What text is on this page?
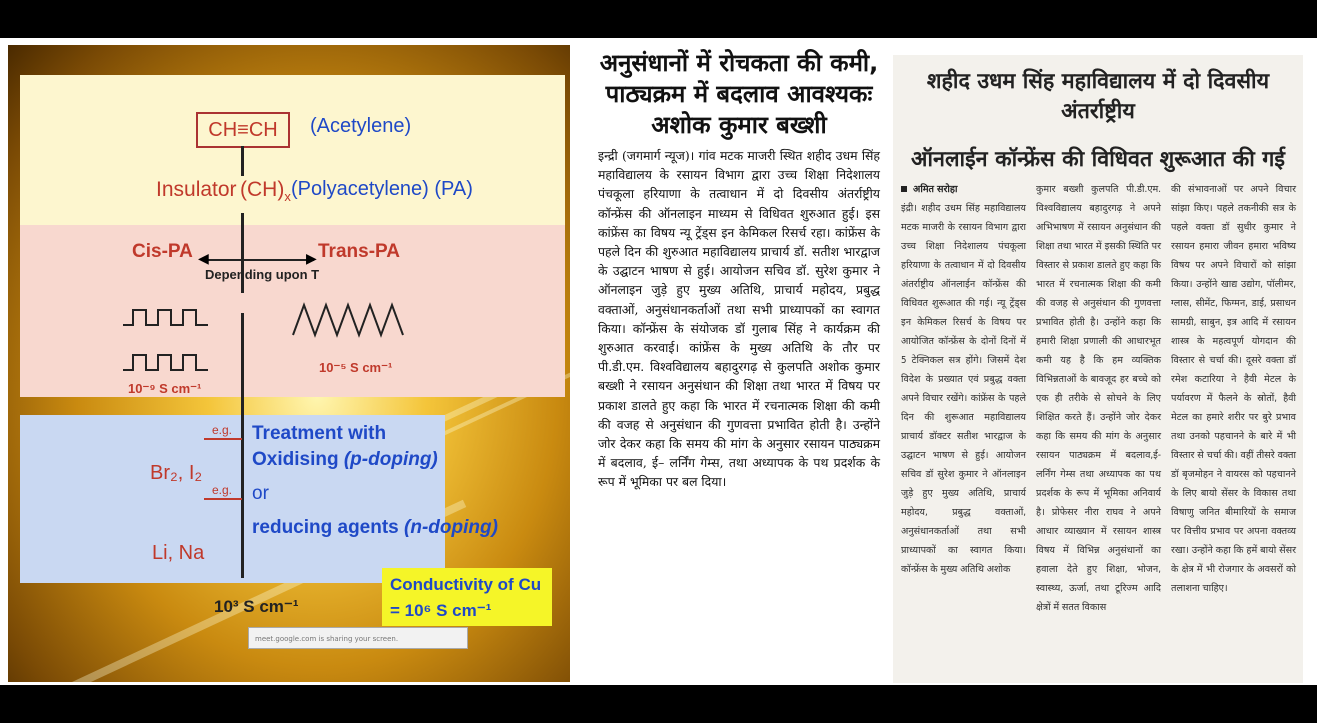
CH≡CH	(Acetylene)
Insulator $(CH)_x$ (Polyacetylene) (PA)
Cis-PA	Trans-PA
◀	▶
Depending upon T
10⁻⁹ S cm⁻¹
10⁻⁵ S cm⁻¹
Br₂, I₂
Li, Na
e.g.
e.g.
Treatment with
Oxidising (p-doping)
or
reducing agents (n-doping)
Conductivity of Cu
= 10⁶ S cm⁻¹
10³ S cm⁻¹
meet.google.com is sharing your screen.
अनुसंधानों में रोचकता की कमी, पाठ्यक्रम में बदलाव आवश्यकः अशोक कुमार बख्शी
इन्द्री (जगमार्ग न्यूज)। गांव मटक माजरी स्थित शहीद उधम सिंह महाविद्यालय के रसायन विभाग द्वारा उच्च शिक्षा निदेशालय पंचकूला हरियाणा के तत्वाधान में दो दिवसीय अंतर्राष्ट्रीय कॉन्फ्रेंस की ऑनलाइन माध्यम से विधिवत शुरुआत हुई। इस कांफ्रेंस का विषय न्यू ट्रेंड्स इन केमिकल रिसर्च रहा। कांफ्रेंस के पहले दिन की शुरुआत महाविद्यालय प्राचार्य डॉ. सतीश भारद्वाज के उद्घाटन भाषण से हुई। आयोजन सचिव डॉ. सुरेश कुमार ने ऑनलाइन जुड़े हुए मुख्य अतिथि, प्राचार्य महोदय, प्रबुद्ध वक्ताओं, अनुसंधानकर्ताओं तथा सभी प्राध्यापकों का स्वागत किया। कॉन्फ्रेंस के संयोजक डॉ गुलाब सिंह ने कार्यक्रम की शुरुआत करवाई। कांफ्रेंस के मुख्य अतिथि के तौर पर पी.डी.एम. विश्वविद्यालय बहादुरगढ़ से कुलपति अशोक कुमार बख्शी ने रसायन अनुसंधान की शिक्षा तथा भारत में विषय पर प्रकाश डालते हुए कहा कि भारत में रचनात्मक शिक्षा की कमी की वजह से अनुसंधान की गुणवत्ता प्रभावित होती है। उन्होंने जोर देकर कहा कि समय की मांग के अनुसार रसायन पाठ्यक्रम में बदलाव, ई– लर्निंग गेम्स, तथा अध्यापक के पथ प्रदर्शक के रूप में भूमिका पर बल दिया।
शहीद उधम सिंह महाविद्यालय में दो दिवसीय अंतर्राष्ट्रीय
ऑनलाईन कॉन्फ्रेंस की विधिवत शुरूआत की गई
अमित सरोहा
इंद्री। शहीद उधम सिंह महाविद्यालय मटक माजरी के रसायन विभाग द्वारा उच्च शिक्षा निदेशालय पंचकूला हरियाणा के तत्वाधान में दो दिवसीय अंतर्राष्ट्रीय ऑनलाईन कॉन्फ्रेंस की विधिवत शुरूआत की गई। न्यू ट्रेंड्स इन केमिकल रिसर्च के विषय पर आयोजित कॉन्फ्रेंस के दोनों दिनों में 5 टेक्निकल सत्र होंगे। जिसमें देश विदेश के प्रख्यात एवं प्रबुद्ध वक्ता अपने विचार रखेंगे। कांफ्रेंस के पहले दिन की शुरूआत महाविद्यालय प्राचार्य डॉक्टर सतीश भारद्वाज के उद्घाटन भाषण से हुई। आयोजन सचिव डॉ सुरेश कुमार ने ऑनलाइन जुड़े हुए मुख्य अतिथि, प्राचार्य महोदय, प्रबुद्ध वक्ताओं, अनुसंधानकर्ताओं तथा सभी प्राध्यापकों का स्वागत किया। कॉन्फ्रेंस के मुख्य अतिथि अशोक
कुमार बख्शी कुलपति पी.डी.एम. विश्वविद्यालय बहादुरगढ़ ने अपने अभिभाषण में रसायन अनुसंधान की शिक्षा तथा भारत में इसकी स्थिति पर विस्तार से प्रकाश डालते हुए कहा कि भारत में रचनात्मक शिक्षा की कमी की वजह से अनुसंधान की गुणवत्ता प्रभावित होती है। उन्होंने कहा कि हमारी शिक्षा प्रणाली की आधारभूत कमी यह है कि हम व्यक्तिक विभिन्नताओं के बावजूद हर बच्चे को एक ही तरीके से सोचने के लिए शिक्षित करते हैं। उन्होंने जोर देकर कहा कि समय की मांग के अनुसार रसायन पाठ्यक्रम में बदलाव,ई- लर्निंग गेम्स तथा अध्यापक का पथ प्रदर्शक के रूप में भूमिका अनिवार्य है। प्रोफेसर नीरा राघव ने अपने आधार व्याख्यान में रसायन शास्त्र विषय में विभिन्न अनुसंधानों का हवाला देते हुए शिक्षा, भोजन, स्वास्थ्य, ऊर्जा, तथा टूरिज्म आदि क्षेत्रों में सतत विकास
की संभावनाओं पर अपने विचार सांझा किए। पहले तकनीकी सत्र के पहले वक्ता डॉ सुधीर कुमार ने रसायन हमारा जीवन हमारा भविष्य विषय पर अपने विचारों को सांझा किया। उन्होंने खाद्य उद्योग, पॉलीमर, ग्लास, सीमेंट, फिग्मन, डाई, प्रसाधन सामग्री, साबुन, इत्र आदि में रसायन शास्त्र के महत्वपूर्ण योगदान की विस्तार से चर्चा की। दूसरे वक्ता डॉ रमेश कटारिया ने हैवी मेटल के पर्यावरण में फैलने के स्रोतों, हैवी मेटल का हमारे शरीर पर बुरे प्रभाव तथा उनको पहचानने के बारे में भी विस्तार से चर्चा की। वहीं तीसरे वक्ता डॉ बृजमोहन ने वायरस को पहचानने के लिए बायो सेंसर के विकास तथा विषाणु जनित बीमारियों के समाज पर वित्तीय प्रभाव पर अपना वक्तव्य रखा। उन्होंने कहा कि हमें बायो सेंसर के क्षेत्र में भी रोजगार के अवसरों को तलाशना चाहिए।
